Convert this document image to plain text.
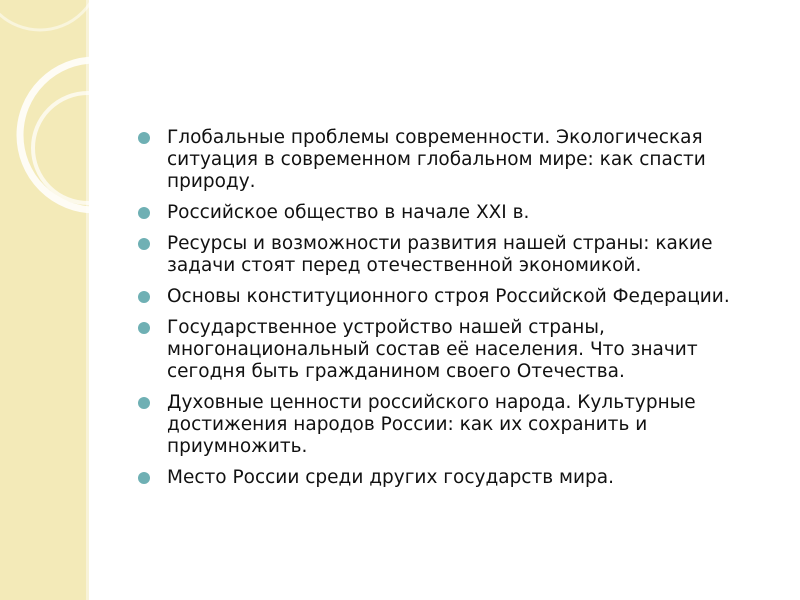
Глобальные проблемы современности. Экологическая ситуация в современном глобальном мире: как спасти природу.
Российское общество в начале XXI в.
Ресурсы и возможности развития нашей страны: какие задачи стоят перед отечественной экономикой.
Основы конституционного строя Российской Федерации.
Государственное устройство нашей страны, многонациональный состав её населения. Что значит сегодня быть гражданином своего Отечества.
Духовные ценности российского народа. Культурные достижения народов России: как их сохранить и приумножить.
Место России среди других государств мира.
